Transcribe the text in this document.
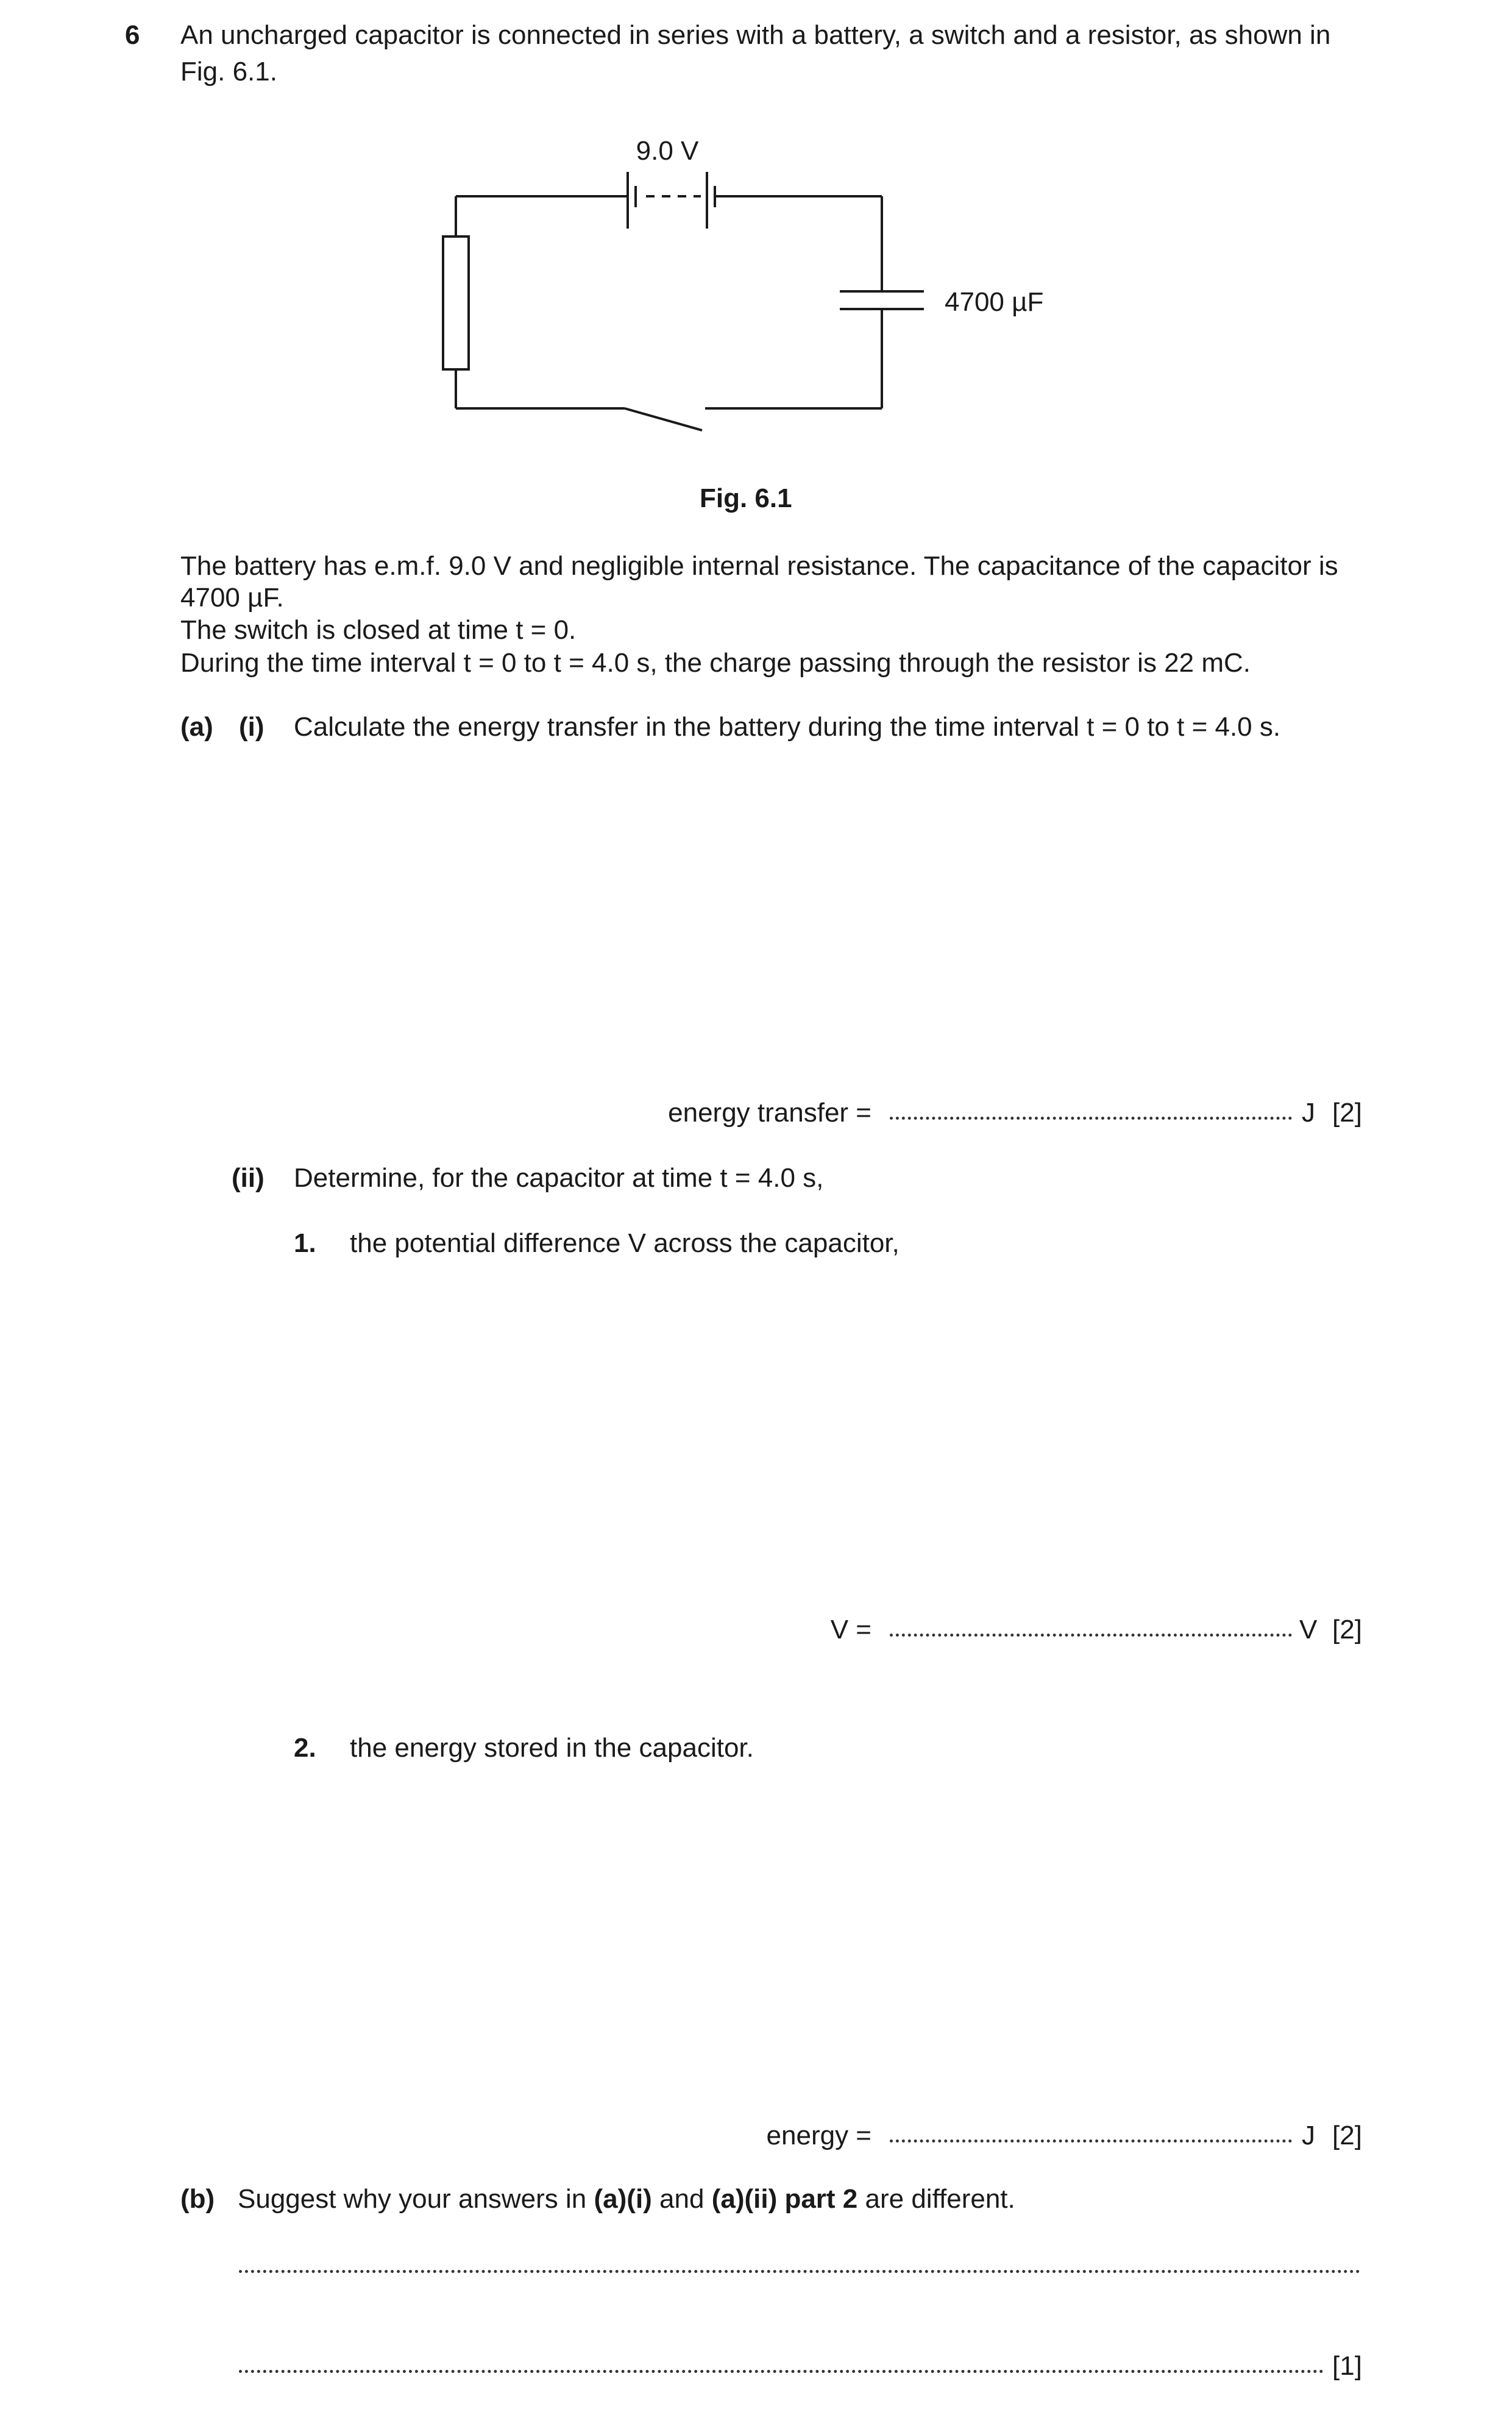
6 An uncharged capacitor is connected in series with a battery, a switch and a resistor, as shown in
Fig. 6.1.
9.0 V
4700 µF
Fig. 6.1
The battery has e.m.f. 9.0 V and negligible internal resistance. The capacitance of the capacitor is
4700 µF.
The switch is closed at time t = 0.
During the time interval t = 0 to t = 4.0 s, the charge passing through the resistor is 22 mC.
(a) (i) Calculate the energy transfer in the battery during the time interval t = 0 to t = 4.0 s.
energy transfer =	J [2]
(ii) Determine, for the capacitor at time t = 4.0 s,
1. the potential difference V across the capacitor,
V =	V [2]
2. the energy stored in the capacitor.
energy =	J [2]
(b) Suggest why your answers in (a)(i) and (a)(ii) part 2 are different.
[1]
